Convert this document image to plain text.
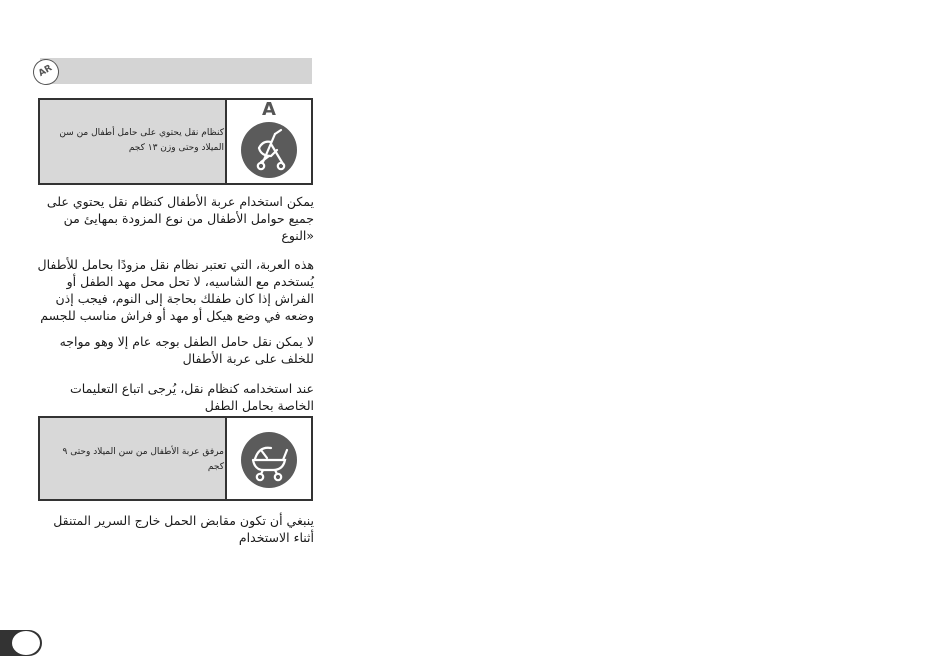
AR
كنظام نقل يحتوي على حامل أطفال من سن الميلاد وحتى وزن ١٣ كجم
A
يمكن استخدام عربة الأطفال كنظام نقل يحتوي على جميع حوامل الأطفال من نوع المزودة بمهايئ من «النوع
هذه العربة، التي تعتبر نظام نقل مزودًا بحامل للأطفال يُستخدم مع الشاسيه، لا تحل محل مهد الطفل أو الفراش إذا كان طفلك بحاجة إلى النوم، فيجب إذن وضعه في وضع هيكل أو مهد أو فراش مناسب للجسم
لا يمكن نقل حامل الطفل بوجه عام إلا وهو مواجه للخلف على عربة الأطفال
عند استخدامه كنظام نقل، يُرجى اتباع التعليمات الخاصة بحامل الطفل
مرفق عربة الأطفال من سن الميلاد وحتى ٩ كجم
ينبغي أن تكون مقابض الحمل خارج السرير المتنقل أثناء الاستخدام
